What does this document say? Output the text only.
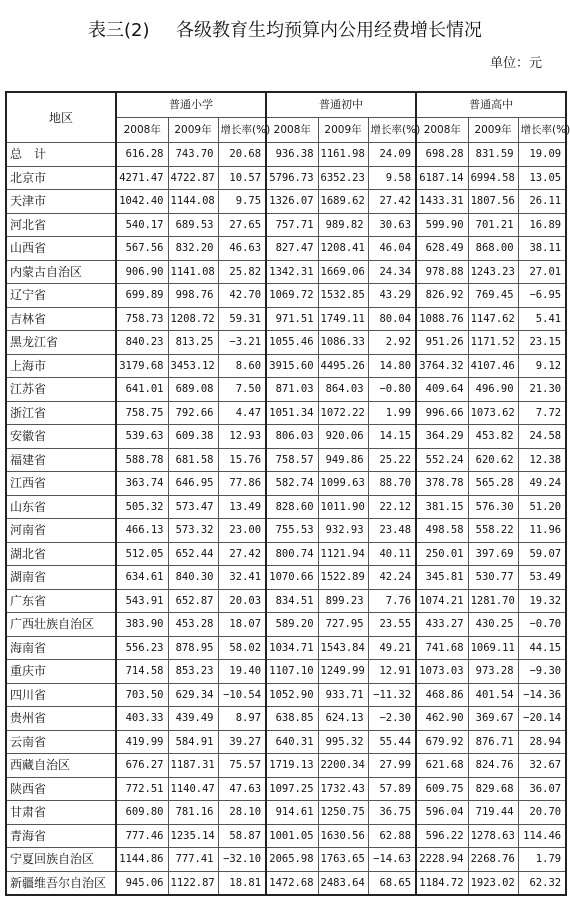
表三(2) 各级教育生均预算内公用经费增长情况
单位：元
地区	普通小学			普通初中			普通高中		
	2008年	2009年	增长率(%)	2008年	2009年	增长率(%)	2008年	2009年	增长率(%)
总　计	616.28	743.70	20.68	936.38	1161.98	24.09	698.28	831.59	19.09
北京市	4271.47	4722.87	10.57	5796.73	6352.23	9.58	6187.14	6994.58	13.05
天津市	1042.40	1144.08	9.75	1326.07	1689.62	27.42	1433.31	1807.56	26.11
河北省	540.17	689.53	27.65	757.71	989.82	30.63	599.90	701.21	16.89
山西省	567.56	832.20	46.63	827.47	1208.41	46.04	628.49	868.00	38.11
内蒙古自治区	906.90	1141.08	25.82	1342.31	1669.06	24.34	978.88	1243.23	27.01
辽宁省	699.89	998.76	42.70	1069.72	1532.85	43.29	826.92	769.45	−6.95
吉林省	758.73	1208.72	59.31	971.51	1749.11	80.04	1088.76	1147.62	5.41
黑龙江省	840.23	813.25	−3.21	1055.46	1086.33	2.92	951.26	1171.52	23.15
上海市	3179.68	3453.12	8.60	3915.60	4495.26	14.80	3764.32	4107.46	9.12
江苏省	641.01	689.08	7.50	871.03	864.03	−0.80	409.64	496.90	21.30
浙江省	758.75	792.66	4.47	1051.34	1072.22	1.99	996.66	1073.62	7.72
安徽省	539.63	609.38	12.93	806.03	920.06	14.15	364.29	453.82	24.58
福建省	588.78	681.58	15.76	758.57	949.86	25.22	552.24	620.62	12.38
江西省	363.74	646.95	77.86	582.74	1099.63	88.70	378.78	565.28	49.24
山东省	505.32	573.47	13.49	828.60	1011.90	22.12	381.15	576.30	51.20
河南省	466.13	573.32	23.00	755.53	932.93	23.48	498.58	558.22	11.96
湖北省	512.05	652.44	27.42	800.74	1121.94	40.11	250.01	397.69	59.07
湖南省	634.61	840.30	32.41	1070.66	1522.89	42.24	345.81	530.77	53.49
广东省	543.91	652.87	20.03	834.51	899.23	7.76	1074.21	1281.70	19.32
广西壮族自治区	383.90	453.28	18.07	589.20	727.95	23.55	433.27	430.25	−0.70
海南省	556.23	878.95	58.02	1034.71	1543.84	49.21	741.68	1069.11	44.15
重庆市	714.58	853.23	19.40	1107.10	1249.99	12.91	1073.03	973.28	−9.30
四川省	703.50	629.34	−10.54	1052.90	933.71	−11.32	468.86	401.54	−14.36
贵州省	403.33	439.49	8.97	638.85	624.13	−2.30	462.90	369.67	−20.14
云南省	419.99	584.91	39.27	640.31	995.32	55.44	679.92	876.71	28.94
西藏自治区	676.27	1187.31	75.57	1719.13	2200.34	27.99	621.68	824.76	32.67
陕西省	772.51	1140.47	47.63	1097.25	1732.43	57.89	609.75	829.68	36.07
甘肃省	609.80	781.16	28.10	914.61	1250.75	36.75	596.04	719.44	20.70
青海省	777.46	1235.14	58.87	1001.05	1630.56	62.88	596.22	1278.63	114.46
宁夏回族自治区	1144.86	777.41	−32.10	2065.98	1763.65	−14.63	2228.94	2268.76	1.79
新疆维吾尔自治区	945.06	1122.87	18.81	1472.68	2483.64	68.65	1184.72	1923.02	62.32
